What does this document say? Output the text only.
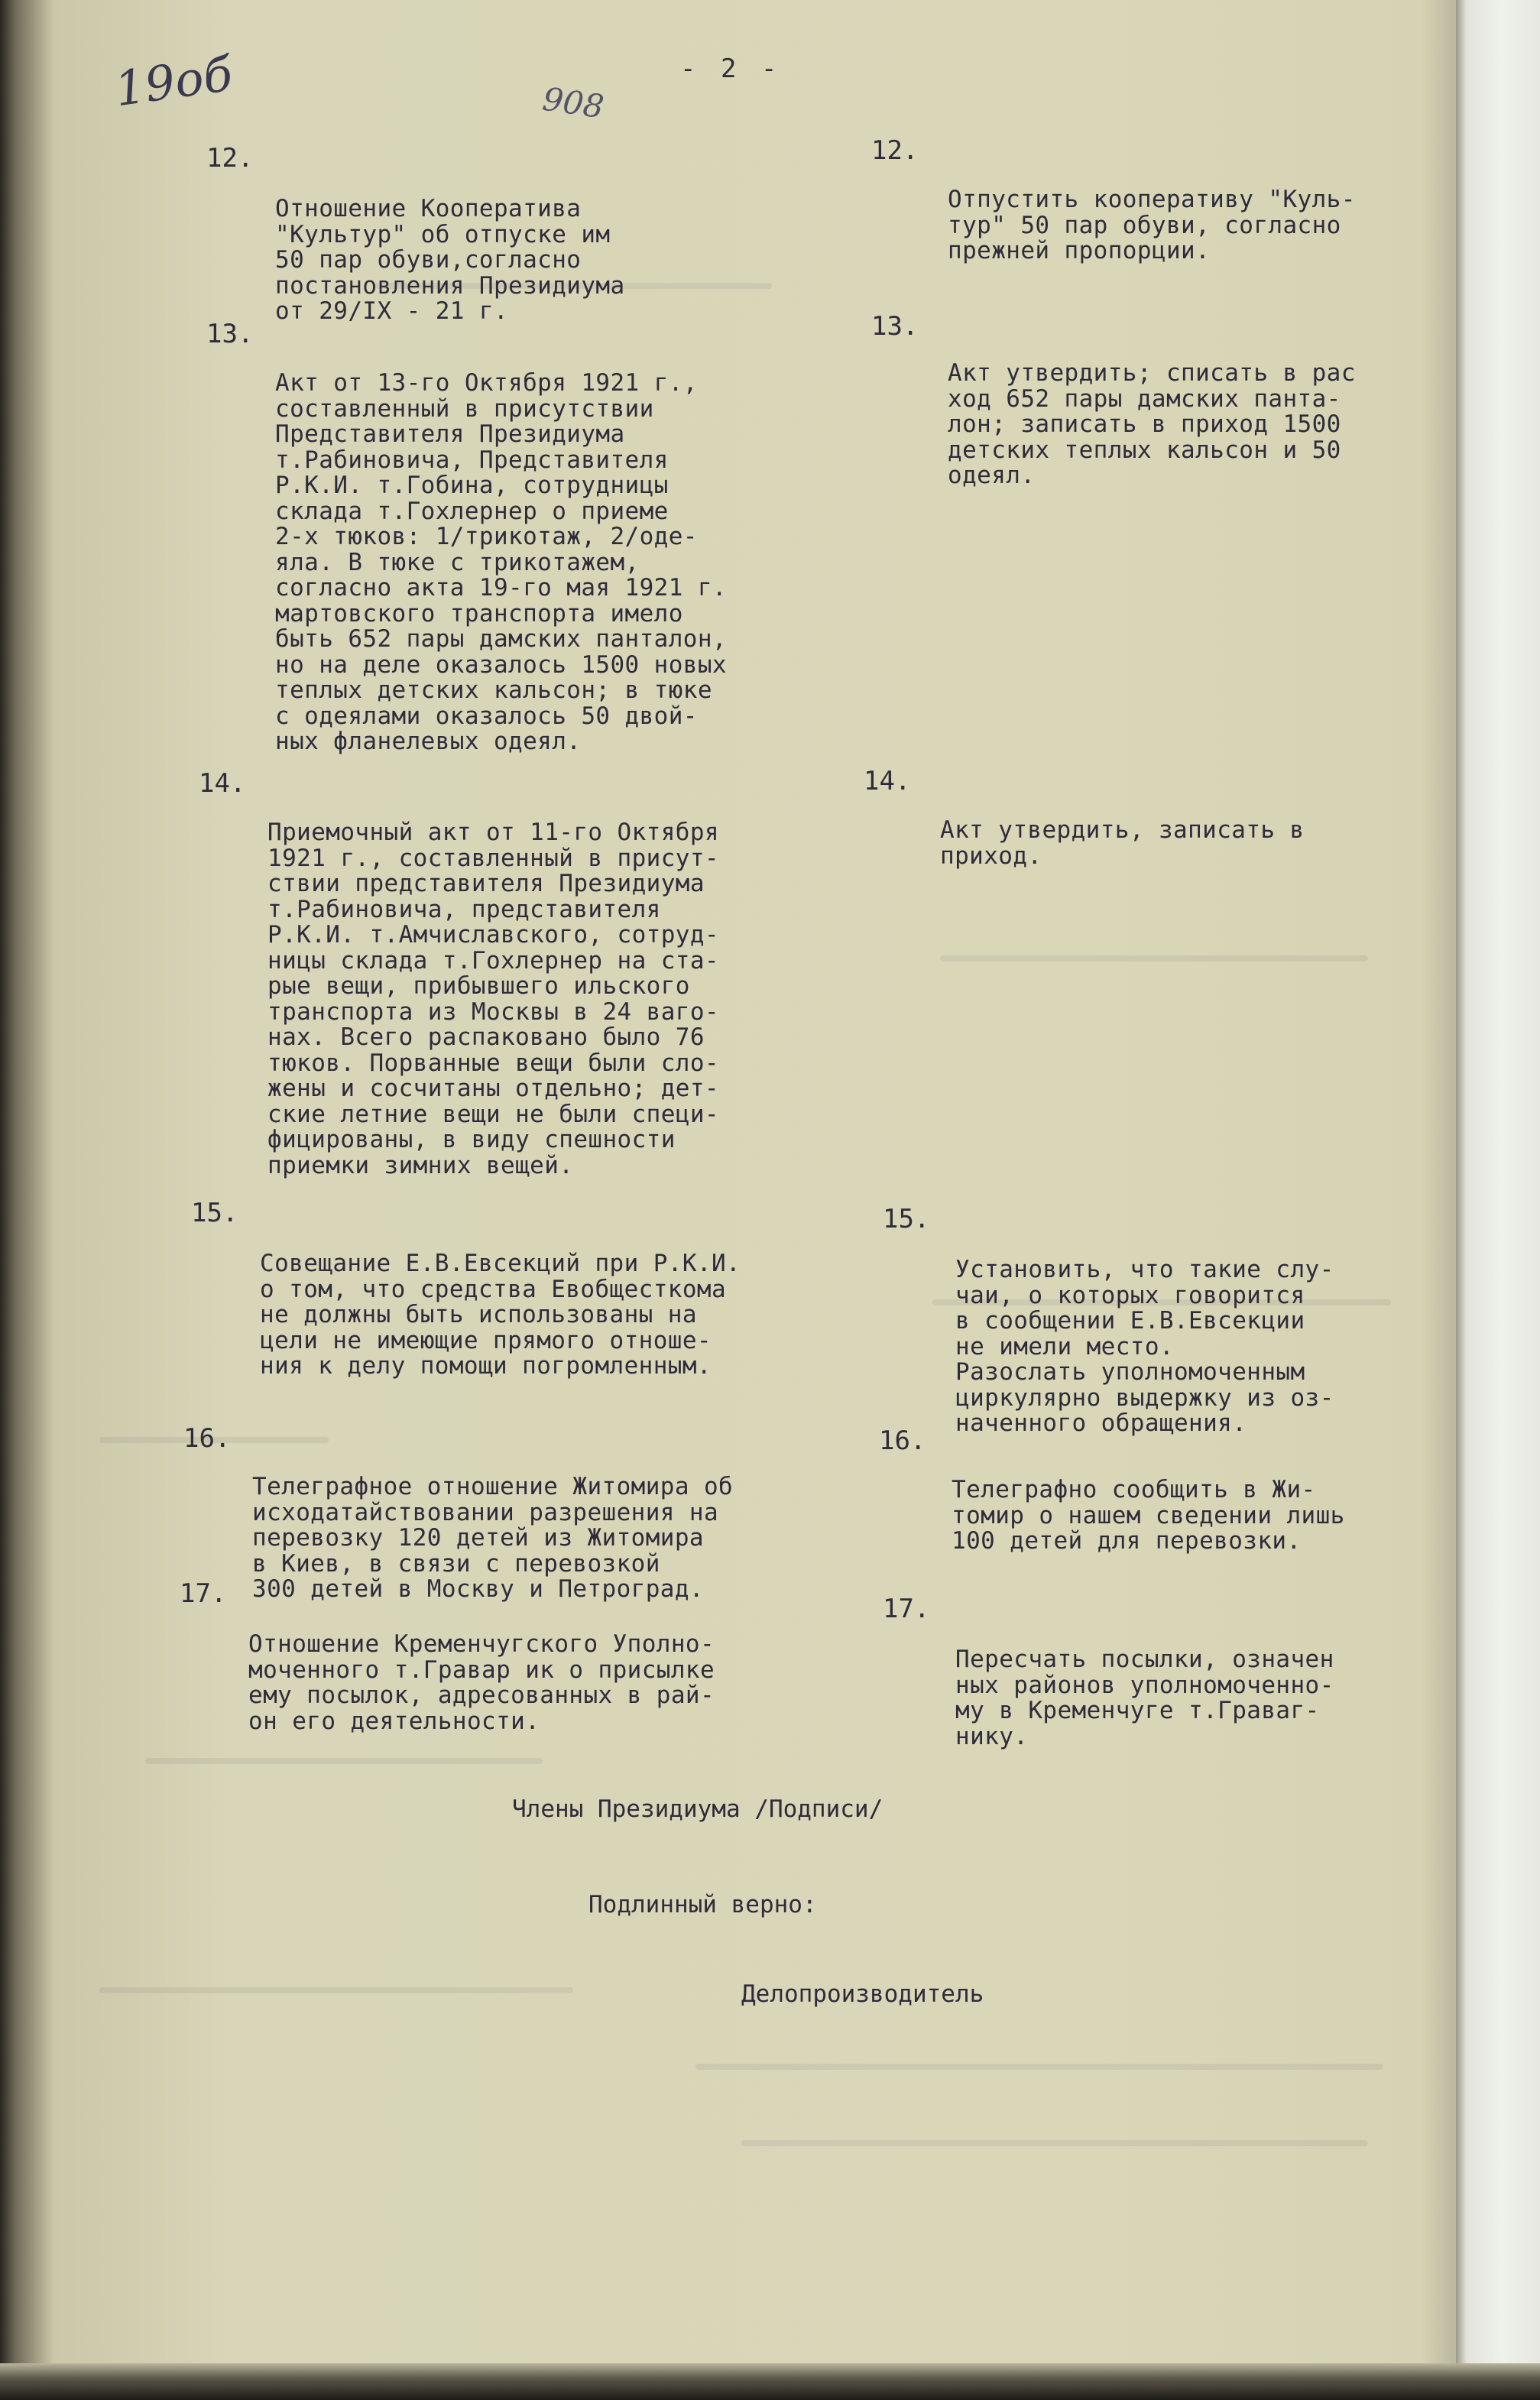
19об	908
- 2 -
12.

Отношение Кооператива
"Культур" об отпуске им
50 пар обуви,согласно
постановления Президиума
от 29/IX - 21 г.

12.

Отпустить кооперативу "Куль-
тур" 50 пар обуви, согласно
прежней пропорции.

13.

Акт от 13-го Октября 1921 г.,
составленный в присутствии
Представителя Президиума
т.Рабиновича, Представителя
Р.К.И. т.Гобина, сотрудницы
склада т.Гохлернер о приеме
2-х тюков: 1/трикотаж, 2/оде-
яла. В тюке с трикотажем,
согласно акта 19-го мая 1921 г.
мартовского транспорта имело
быть 652 пары дамских панталон,
но на деле оказалось 1500 новых
теплых детских кальсон; в тюке
с одеялами оказалось 50 двой-
ных фланелевых одеял.

13.

Акт утвердить; списать в рас
ход 652 пары дамских панта-
лон; записать в приход 1500
детских теплых кальсон и 50
одеял.

14.

Приемочный акт от 11-го Октября
1921 г., составленный в присут-
ствии представителя Президиума
т.Рабиновича, представителя
Р.К.И. т.Амчиславского, сотруд-
ницы склада т.Гохлернер на ста-
рые вещи, прибывшего ильского
транспорта из Москвы в 24 ваго-
нах. Всего распаковано было 76
тюков. Порванные вещи были сло-
жены и сосчитаны отдельно; дет-
ские летние вещи не были специ-
фицированы, в виду спешности
приемки зимних вещей.

14.

Акт утвердить, записать в
приход.

15.

Совещание Е.В.Евсекций при Р.К.И.
о том, что средства Евобщесткома
не должны быть использованы на
цели не имеющие прямого отноше-
ния к делу помощи погромленным.

15.

Установить, что такие слу-
чаи, о которых говорится
в сообщении Е.В.Евсекции
не имели место.
Разослать уполномоченным
циркулярно выдержку из оз-
наченного обращения.

16.

Телеграфное отношение Житомира об
исходатайствовании разрешения на
перевозку 120 детей из Житомира
в Киев, в связи с перевозкой
300 детей в Москву и Петроград.

16.

Телеграфно сообщить в Жи-
томир о нашем сведении лишь
100 детей для перевозки.

17.

Отношение Кременчугского Уполно-
моченного т.Гравар ик о присылке
ему посылок, адресованных в рай-
он его деятельности.

17.

Пересчать посылки, означен
ных районов уполномоченно-
му в Кременчуге т.Граваг-
нику.

Члены Президиума /Подписи/
Подлинный верно:
Делопроизводитель
